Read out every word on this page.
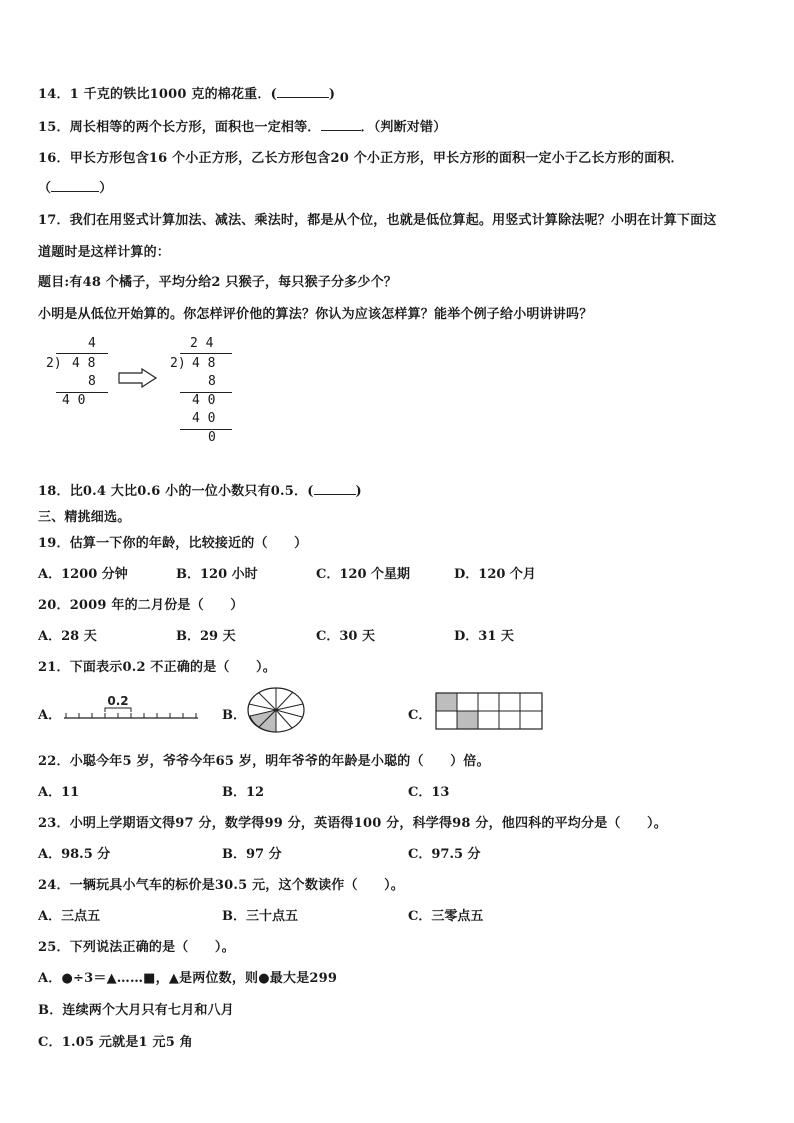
14．1 千克的铁比1000 克的棉花重．(	)
15．周长相等的两个长方形，面积也一定相等．	．（判断对错）
16．甲长方形包含16 个小正方形，乙长方形包含20 个小正方形，甲长方形的面积一定小于乙长方形的面积．
（	）
17．我们在用竖式计算加法、减法、乘法时，都是从个位，也就是低位算起。用竖式计算除法呢？小明在计算下面这
道题时是这样计算的：
题目:有48 个橘子，平均分给2 只猴子，每只猴子分多少个？
小明是从低位开始算的。你怎样评价他的算法？你认为应该怎样算？能举个例子给小明讲讲吗？
4
2) 4 8
8
4 0
2 4
2) 4 8
8
4 0
4 0
0
18．比0.4 大比0.6 小的一位小数只有0.5．(	)
三、精挑细选。
19．估算一下你的年龄，比较接近的（　　）
A．1200 分钟	B．120 小时	C．120 个星期	D．120 个月
20．2009 年的二月份是（　　）
A．28 天	B．29 天	C．30 天	D．31 天
21．下面表示0.2 不正确的是（　　）。
A．
0.2
B．	C．
22．小聪今年5 岁，爷爷今年65 岁，明年爷爷的年龄是小聪的（　　）倍。
A．11	B．12	C．13
23．小明上学期语文得97 分，数学得99 分，英语得100 分，科学得98 分，他四科的平均分是（　　）。
A．98.5 分	B．97 分	C．97.5 分
24．一辆玩具小气车的标价是30.5 元，这个数读作（　　）。
A．三点五	B．三十点五	C．三零点五
25．下列说法正确的是（　　）。
A．●÷3＝▲……■，▲是两位数，则●最大是299
B．连续两个大月只有七月和八月
C．1.05 元就是1 元5 角
